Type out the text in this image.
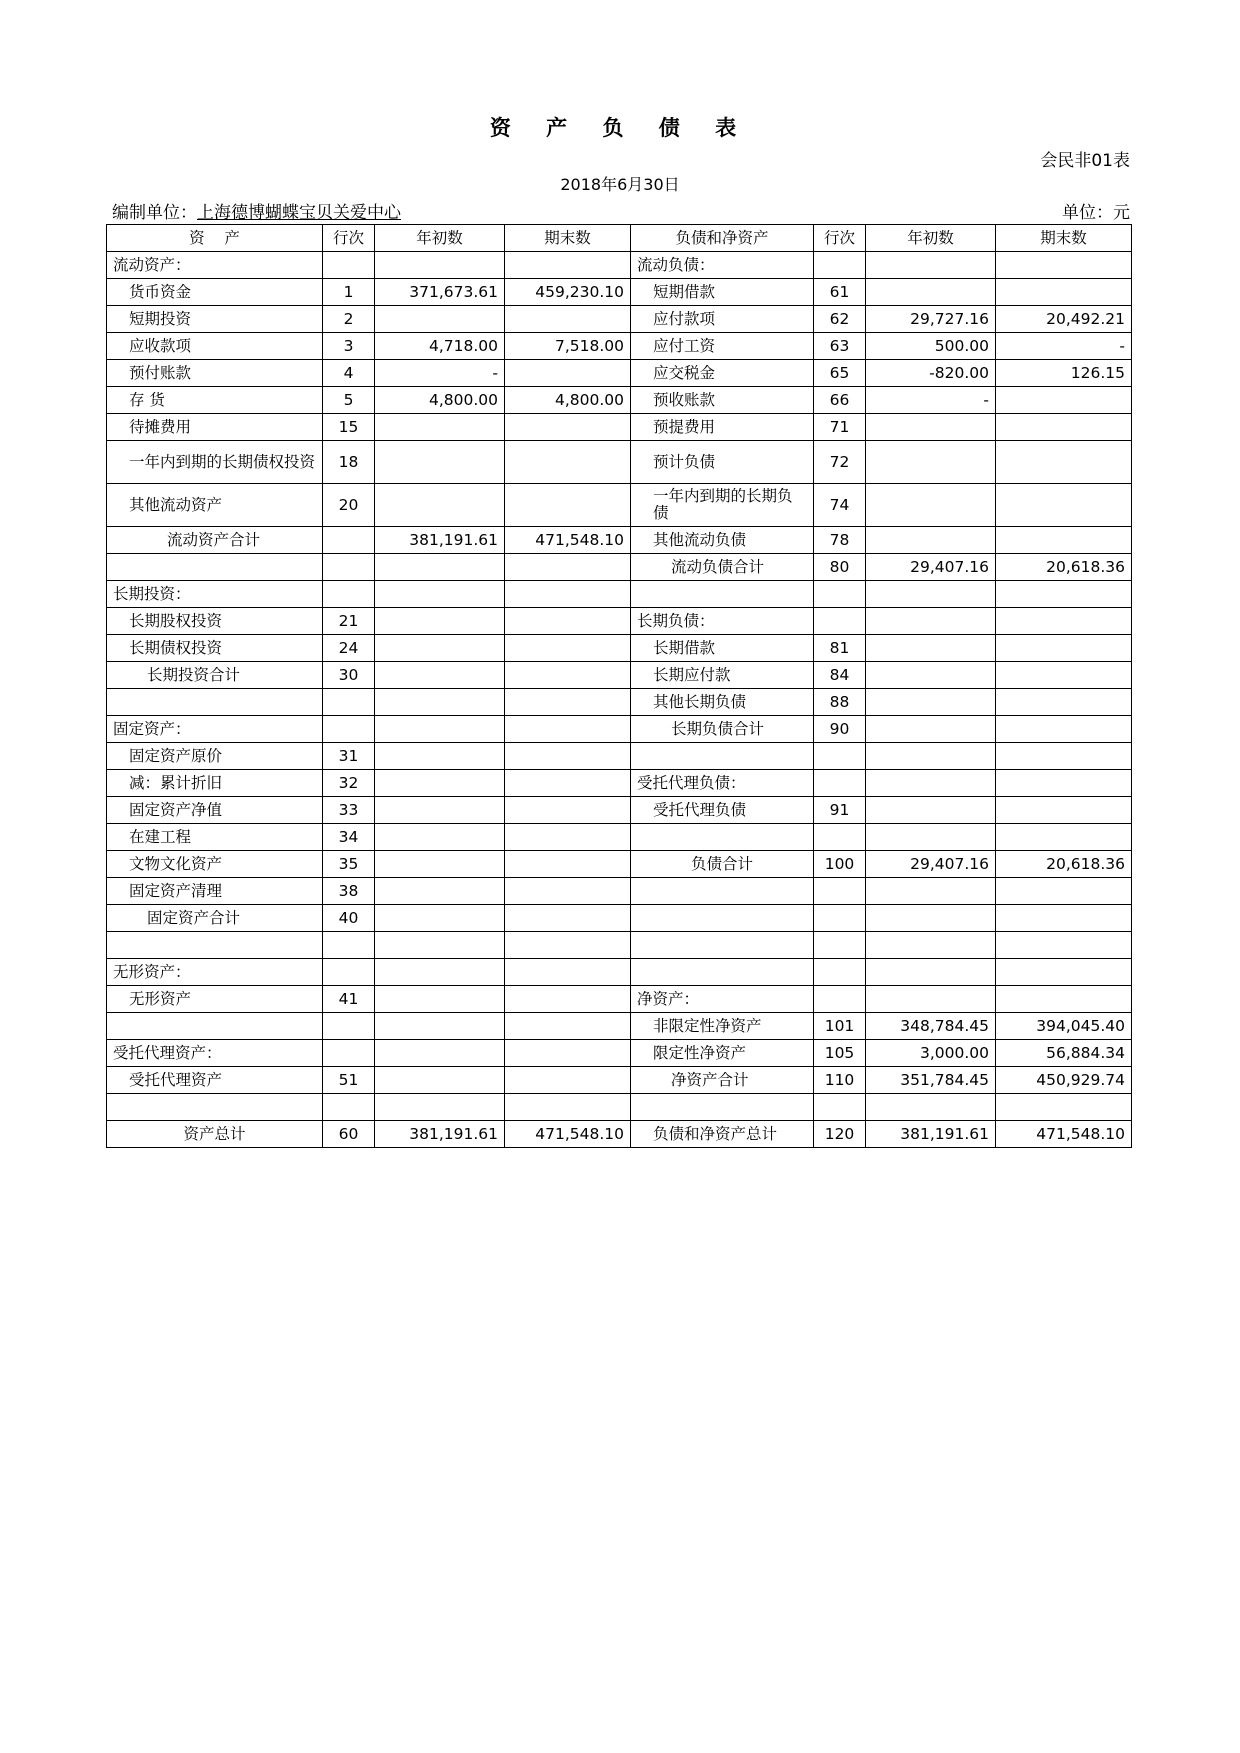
资 产 负 债 表
会民非01表
2018年6月30日
编制单位：上海德博蝴蝶宝贝关爱中心	单位：元
资    产	行次	年初数	期末数	负债和净资产	行次	年初数	期末数
流动资产：				流动负债：			
货币资金	1	371,673.61	459,230.10	短期借款	61		
短期投资	2			应付款项	62	29,727.16	20,492.21
应收款项	3	4,718.00	7,518.00	应付工资	63	500.00	-
预付账款	4	-		应交税金	65	-820.00	126.15
存 货	5	4,800.00	4,800.00	预收账款	66	-	
待摊费用	15			预提费用	71		
一年内到期的长期债权投资	18			预计负债	72		
其他流动资产	20			一年内到期的长期负债	74		
流动资产合计		381,191.61	471,548.10	其他流动负债	78		
				流动负债合计	80	29,407.16	20,618.36
长期投资：							
长期股权投资	21			长期负债：			
长期债权投资	24			长期借款	81		
长期投资合计	30			长期应付款	84		
				其他长期负债	88		
固定资产：				长期负债合计	90		
固定资产原价	31						
减：累计折旧	32			受托代理负债：			
固定资产净值	33			受托代理负债	91		
在建工程	34						
文物文化资产	35			负债合计	100	29,407.16	20,618.36
固定资产清理	38						
固定资产合计	40						

无形资产：							
无形资产	41			净资产：			
				非限定性净资产	101	348,784.45	394,045.40
受托代理资产：				限定性净资产	105	3,000.00	56,884.34
受托代理资产	51			净资产合计	110	351,784.45	450,929.74

资产总计	60	381,191.61	471,548.10	负债和净资产总计	120	381,191.61	471,548.10
